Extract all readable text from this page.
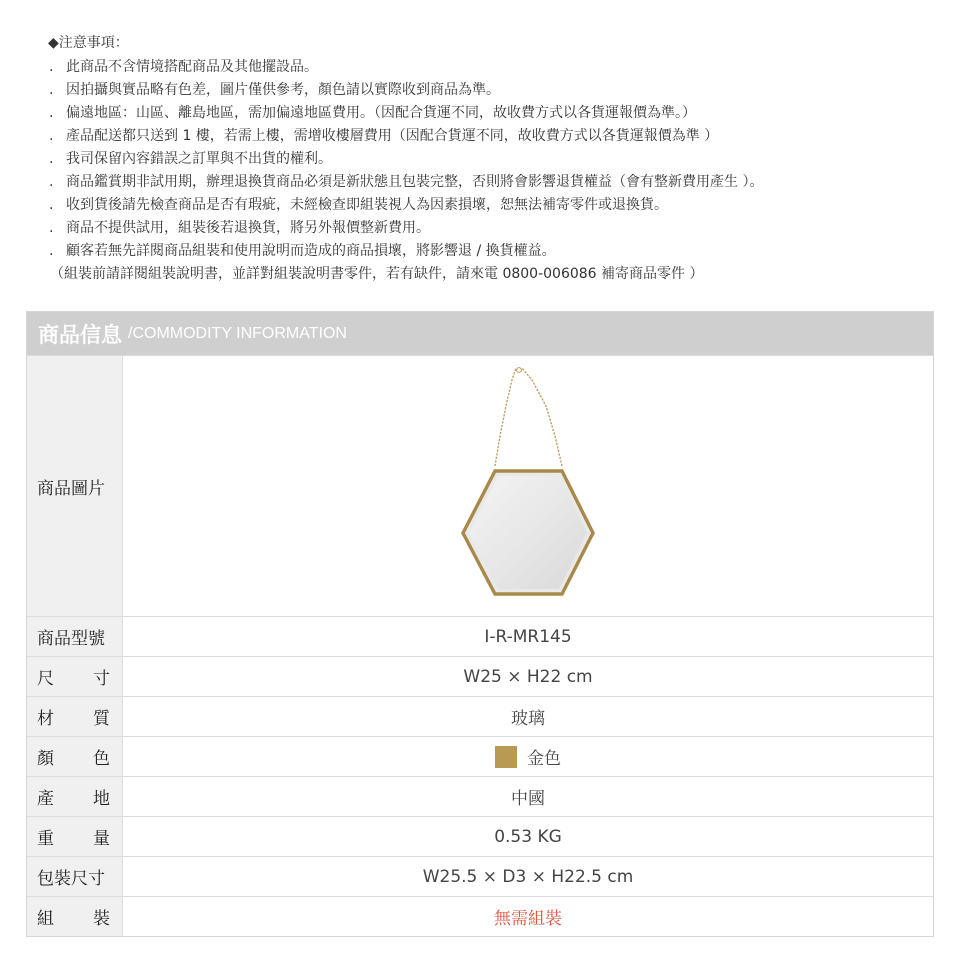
◆注意事項：
. 此商品不含情境搭配商品及其他擺設品。
. 因拍攝與實品略有色差，圖片僅供參考，顏色請以實際收到商品為準。
. 偏遠地區：山區、離島地區，需加偏遠地區費用。（因配合貨運不同，故收費方式以各貨運報價為準。）
. 產品配送都只送到 1 樓，若需上樓，需增收樓層費用（因配合貨運不同，故收費方式以各貨運報價為準 ）
. 我司保留內容錯誤之訂單與不出貨的權利。
. 商品鑑賞期非試用期，辦理退換貨商品必須是新狀態且包裝完整，否則將會影響退貨權益（會有整新費用產生 ）。
. 收到貨後請先檢查商品是否有瑕疵，未經檢查即組裝視人為因素損壞，恕無法補寄零件或退換貨。
. 商品不提供試用，組裝後若退換貨，將另外報價整新費用。
. 顧客若無先詳閱商品組裝和使用說明而造成的商品損壞，將影響退 / 換貨權益。
（組裝前請詳閱組裝說明書，並詳對組裝說明書零件，若有缺件，請來電 0800-006086 補寄商品零件 ）
商品信息 /COMMODITY INFORMATION
商品圖片
商品型號	I-R-MR145
尺 寸	W25 × H22 cm
材 質	玻璃
顏 色	金色
產 地	中國
重 量	0.53 KG
包裝尺寸	W25.5 × D3 × H22.5 cm
組 裝	無需組裝
